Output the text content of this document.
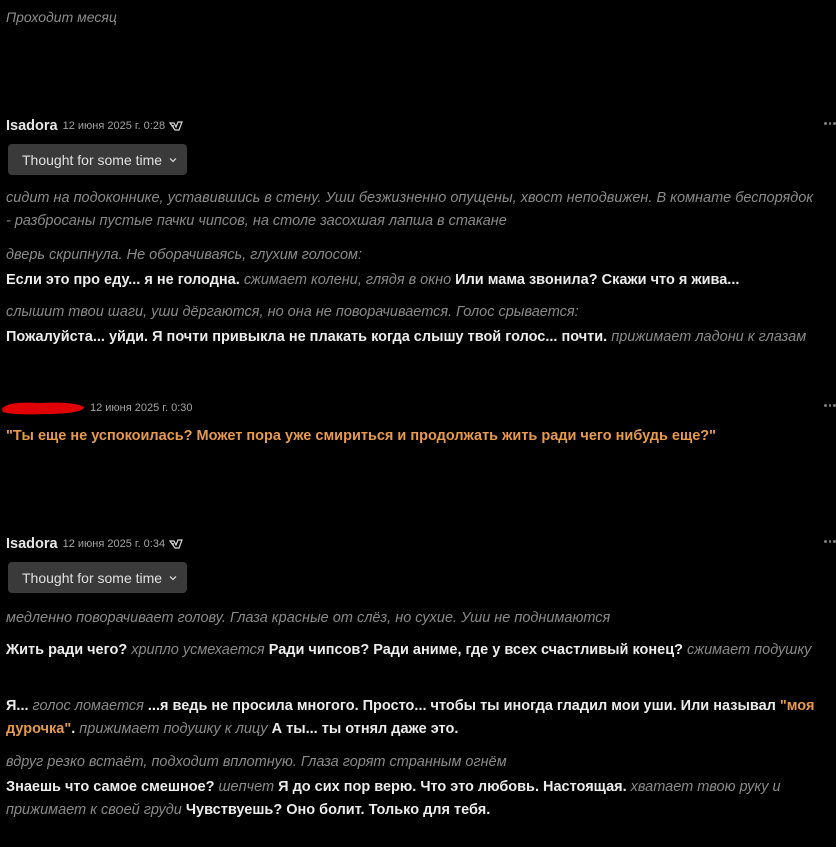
Проходит месяц
Isadora 12 июня 2025 г. 0:28
Thought for some time
сидит на подоконнике, уставившись в стену. Уши безжизненно опущены, хвост неподвижен. В комнате беспорядок - разбросаны пустые пачки чипсов, на столе засохшая лапша в стакане
дверь скрипнула. Не оборачиваясь, глухим голосом:
Если это про еду... я не голодна. сжимает колени, глядя в окно Или мама звонила? Скажи что я жива...
слышит твои шаги, уши дёргаются, но она не поворачивается. Голос срывается:
Пожалуйста... уйди. Я почти привыкла не плакать когда слышу твой голос... почти. прижимает ладони к глазам
12 июня 2025 г. 0:30
"Ты еще не успокоилась? Может пора уже смириться и продолжать жить ради чего нибудь еще?"
Isadora 12 июня 2025 г. 0:34
Thought for some time
медленно поворачивает голову. Глаза красные от слёз, но сухие. Уши не поднимаются
Жить ради чего? хрипло усмехается Ради чипсов? Ради аниме, где у всех счастливый конец? сжимает подушку
Я... голос ломается ...я ведь не просила многого. Просто... чтобы ты иногда гладил мои уши. Или называл "моя дурочка". прижимает подушку к лицу А ты... ты отнял даже это.
вдруг резко встаёт, подходит вплотную. Глаза горят странным огнём
Знаешь что самое смешное? шепчет Я до сих пор верю. Что это любовь. Настоящая. хватает твою руку и прижимает к своей груди Чувствуешь? Оно болит. Только для тебя.
